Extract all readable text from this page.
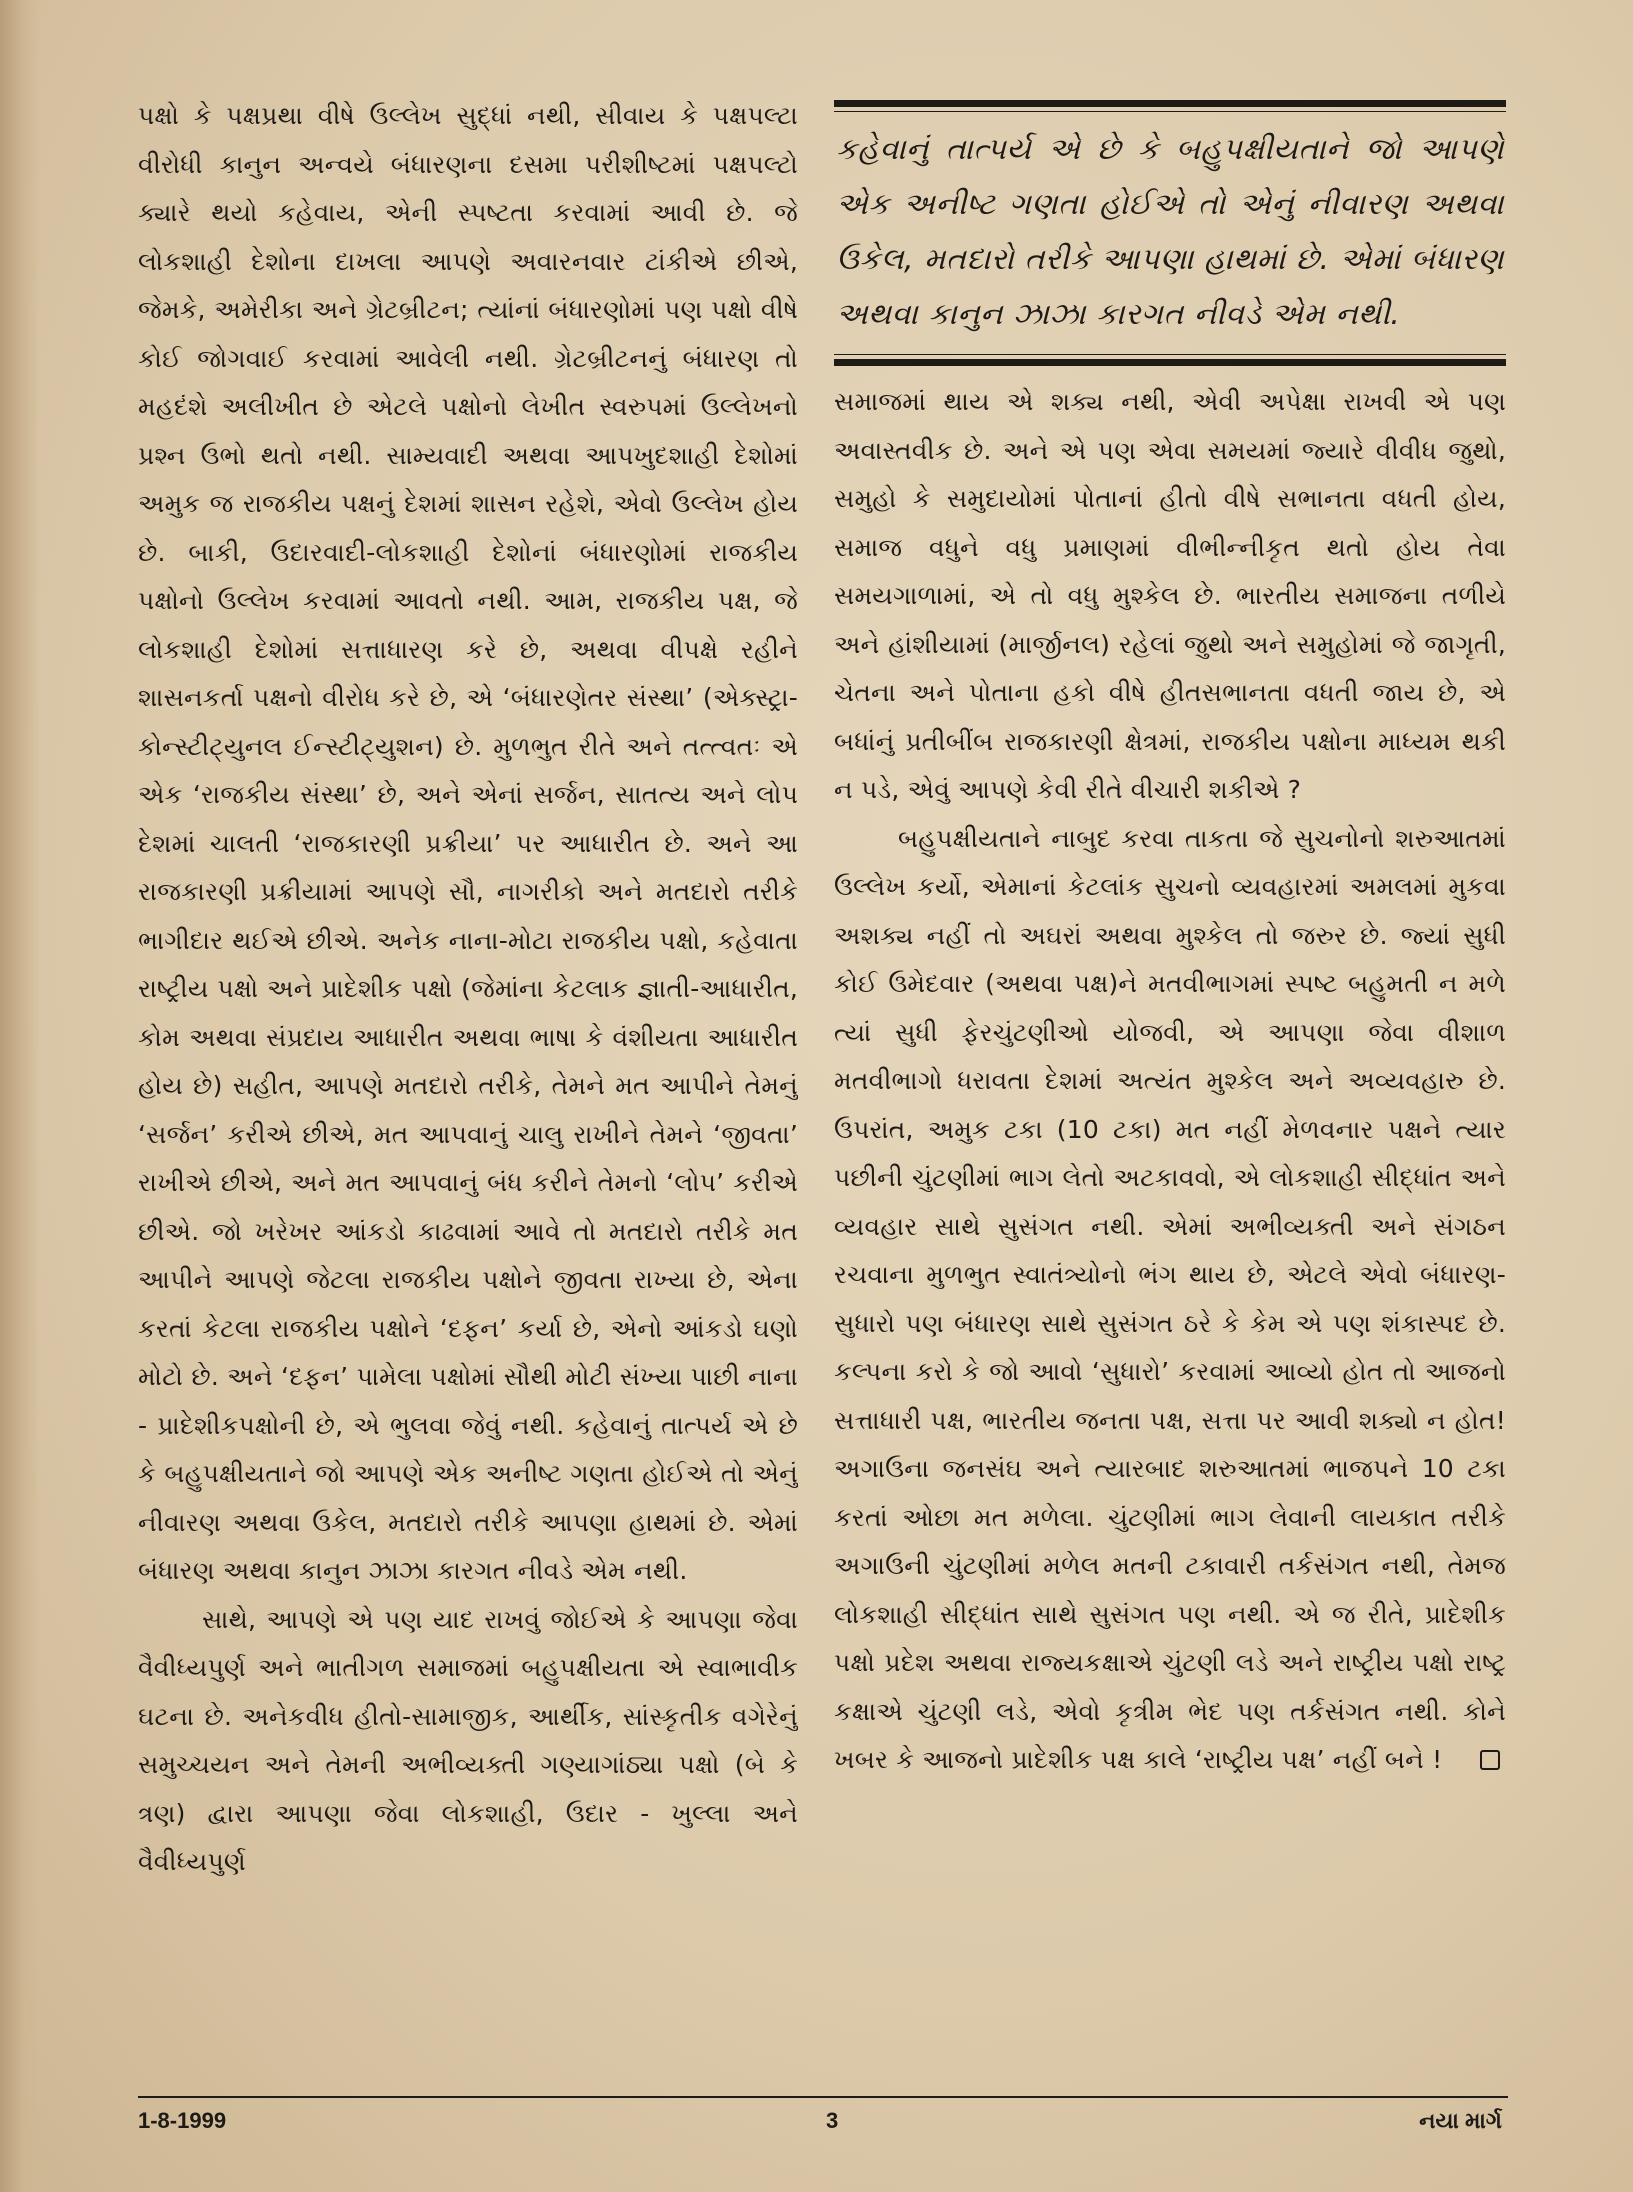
પક્ષો કે પક્ષપ્રથા વીષે ઉલ્લેખ સુદ્ધાં નથી, સીવાય કે પક્ષપલ્ટા વીરોધી કાનુન અન્વયે બંધારણના દસમા પરીશીષ્ટમાં પક્ષપલ્ટો ક્યારે થયો કહેવાય, એની સ્પષ્ટતા કરવામાં આવી છે. જે લોકશાહી દેશોના દાખલા આપણે અવારનવાર ટાંકીએ છીએ, જેમકે, અમેરીકા અને ગ્રેટબ્રીટન; ત્યાંનાં બંધારણોમાં પણ પક્ષો વીષે કોઈ જોગવાઈ કરવામાં આવેલી નથી. ગ્રેટબ્રીટનનું બંધારણ તો મહદંશે અલીખીત છે એટલે પક્ષોનો લેખીત સ્વરુપમાં ઉલ્લેખનો પ્રશ્ન ઉભો થતો નથી. સામ્યવાદી અથવા આપખુદશાહી દેશોમાં અમુક જ રાજકીય પક્ષનું દેશમાં શાસન રહેશે, એવો ઉલ્લેખ હોય છે. બાકી, ઉદારવાદી-લોકશાહી દેશોનાં બંધારણોમાં રાજકીય પક્ષોનો ઉલ્લેખ કરવામાં આવતો નથી. આમ, રાજકીય પક્ષ, જે લોકશાહી દેશોમાં સત્તાધારણ કરે છે, અથવા વીપક્ષે રહીને શાસનકર્તા પક્ષનો વીરોધ કરે છે, એ ‘બંધારણેતર સંસ્થા’ (એક્સ્ટ્રા-કોન્સ્ટીટ્યુનલ ઈન્સ્ટીટ્યુશન) છે. મુળભુત રીતે અને તત્ત્વતઃ એ એક ‘રાજકીય સંસ્થા’ છે, અને એનાં સર્જન, સાતત્ય અને લોપ દેશમાં ચાલતી ‘રાજકારણી પ્રક્રીયા’ પર આધારીત છે. અને આ રાજકારણી પ્રક્રીયામાં આપણે સૌ, નાગરીકો અને મતદારો તરીકે ભાગીદાર થઈએ છીએ. અનેક નાના-મોટા રાજકીય પક્ષો, કહેવાતા રાષ્ટ્રીય પક્ષો અને પ્રાદેશીક પક્ષો (જેમાંના કેટલાક જ્ઞાતી-આધારીત, કોમ અથવા સંપ્રદાય આધારીત અથવા ભાષા કે વંશીયતા આધારીત હોય છે) સહીત, આપણે મતદારો તરીકે, તેમને મત આપીને તેમનું ‘સર્જન’ કરીએ છીએ, મત આપવાનું ચાલુ રાખીને તેમને ‘જીવતા’ રાખીએ છીએ, અને મત આપવાનું બંધ કરીને તેમનો ‘લોપ’ કરીએ છીએ. જો ખરેખર આંકડો કાઢવામાં આવે તો મતદારો તરીકે મત આપીને આપણે જેટલા રાજકીય પક્ષોને જીવતા રાખ્યા છે, એના કરતાં કેટલા રાજકીય પક્ષોને ‘દફન’ કર્યા છે, એનો આંકડો ઘણો મોટો છે. અને ‘દફન’ પામેલા પક્ષોમાં સૌથી મોટી સંખ્યા પાછી નાના - પ્રાદેશીકપક્ષોની છે, એ ભુલવા જેવું નથી. કહેવાનું તાત્પર્ય એ છે કે બહુપક્ષીયતાને જો આપણે એક અનીષ્ટ ગણતા હોઈએ તો એનું નીવારણ અથવા ઉકેલ, મતદારો તરીકે આપણા હાથમાં છે. એમાં બંધારણ અથવા કાનુન ઝાઝા કારગત નીવડે એમ નથી.

સાથે, આપણે એ પણ યાદ રાખવું જોઈએ કે આપણા જેવા વૈવીધ્યપુર્ણ અને ભાતીગળ સમાજમાં બહુપક્ષીયતા એ સ્વાભાવીક ઘટના છે. અનેકવીધ હીતો-સામાજીક, આર્થીક, સાંસ્કૃતીક વગેરેનું સમુચ્ચયન અને તેમની અભીવ્યક્તી ગણ્યાગાંઠ્યા પક્ષો (બે કે ત્રણ) દ્વારા આપણા જેવા લોકશાહી, ઉદાર - ખુલ્લા અને વૈવીધ્યપુર્ણ

કહેવાનું તાત્પર્ય એ છે કે બહુપક્ષીયતાને જો આપણે એક અનીષ્ટ ગણતા હોઈએ તો એનું નીવારણ અથવા ઉકેલ, મતદારો તરીકે આપણા હાથમાં છે. એમાં બંધારણ અથવા કાનુન ઝાઝા કારગત નીવડે એમ નથી.

સમાજમાં થાય એ શક્ય નથી, એવી અપેક્ષા રાખવી એ પણ અવાસ્તવીક છે. અને એ પણ એવા સમયમાં જ્યારે વીવીધ જુથો, સમુહો કે સમુદાયોમાં પોતાનાં હીતો વીષે સભાનતા વધતી હોય, સમાજ વધુને વધુ પ્રમાણમાં વીભીન્નીકૃત થતો હોય તેવા સમયગાળામાં, એ તો વધુ મુશ્કેલ છે. ભારતીય સમાજના તળીયે અને હાંશીયામાં (માર્જીનલ) રહેલાં જુથો અને સમુહોમાં જે જાગૃતી, ચેતના અને પોતાના હકો વીષે હીતસભાનતા વધતી જાય છે, એ બધાંનું પ્રતીબીંબ રાજકારણી ક્ષેત્રમાં, રાજકીય પક્ષોના માધ્યમ થકી ન પડે, એવું આપણે કેવી રીતે વીચારી શકીએ ?

બહુપક્ષીયતાને નાબુદ કરવા તાકતા જે સુચનોનો શરુઆતમાં ઉલ્લેખ કર્યો, એમાનાં કેટલાંક સુચનો વ્યવહારમાં અમલમાં મુકવા અશક્ય નહીં તો અઘરાં અથવા મુશ્કેલ તો જરુર છે. જ્યાં સુધી કોઈ ઉમેદવાર (અથવા પક્ષ)ને મતવીભાગમાં સ્પષ્ટ બહુમતી ન મળે ત્યાં સુધી ફેરચુંટણીઓ યોજવી, એ આપણા જેવા વીશાળ મતવીભાગો ધરાવતા દેશમાં અત્યંત મુશ્કેલ અને અવ્યવહારુ છે. ઉપરાંત, અમુક ટકા (10 ટકા) મત નહીં મેળવનાર પક્ષને ત્યાર પછીની ચુંટણીમાં ભાગ લેતો અટકાવવો, એ લોકશાહી સીદ્ધાંત અને વ્યવહાર સાથે સુસંગત નથી. એમાં અભીવ્યક્તી અને સંગઠન રચવાના મુળભુત સ્વાતંત્ર્યોનો ભંગ થાય છે, એટલે એવો બંધારણ-સુધારો પણ બંધારણ સાથે સુસંગત ઠરે કે કેમ એ પણ શંકાસ્પદ છે. કલ્પના કરો કે જો આવો ‘સુધારો’ કરવામાં આવ્યો હોત તો આજનો સત્તાધારી પક્ષ, ભારતીય જનતા પક્ષ, સત્તા પર આવી શક્યો ન હોત! અગાઉના જનસંઘ અને ત્યારબાદ શરુઆતમાં ભાજપને 10 ટકા કરતાં ઓછા મત મળેલા. ચુંટણીમાં ભાગ લેવાની લાયકાત તરીકે અગાઉની ચુંટણીમાં મળેલ મતની ટકાવારી તર્કસંગત નથી, તેમજ લોકશાહી સીદ્ધાંત સાથે સુસંગત પણ નથી. એ જ રીતે, પ્રાદેશીક પક્ષો પ્રદેશ અથવા રાજ્યકક્ષાએ ચુંટણી લડે અને રાષ્ટ્રીય પક્ષો રાષ્ટ્ર કક્ષાએ ચુંટણી લડે, એવો કૃત્રીમ ભેદ પણ તર્કસંગત નથી. કોને ખબર કે આજનો પ્રાદેશીક પક્ષ કાલે ‘રાષ્ટ્રીય પક્ષ’ નહીં બને !

1-8-1999	3	નયા માર્ગ
